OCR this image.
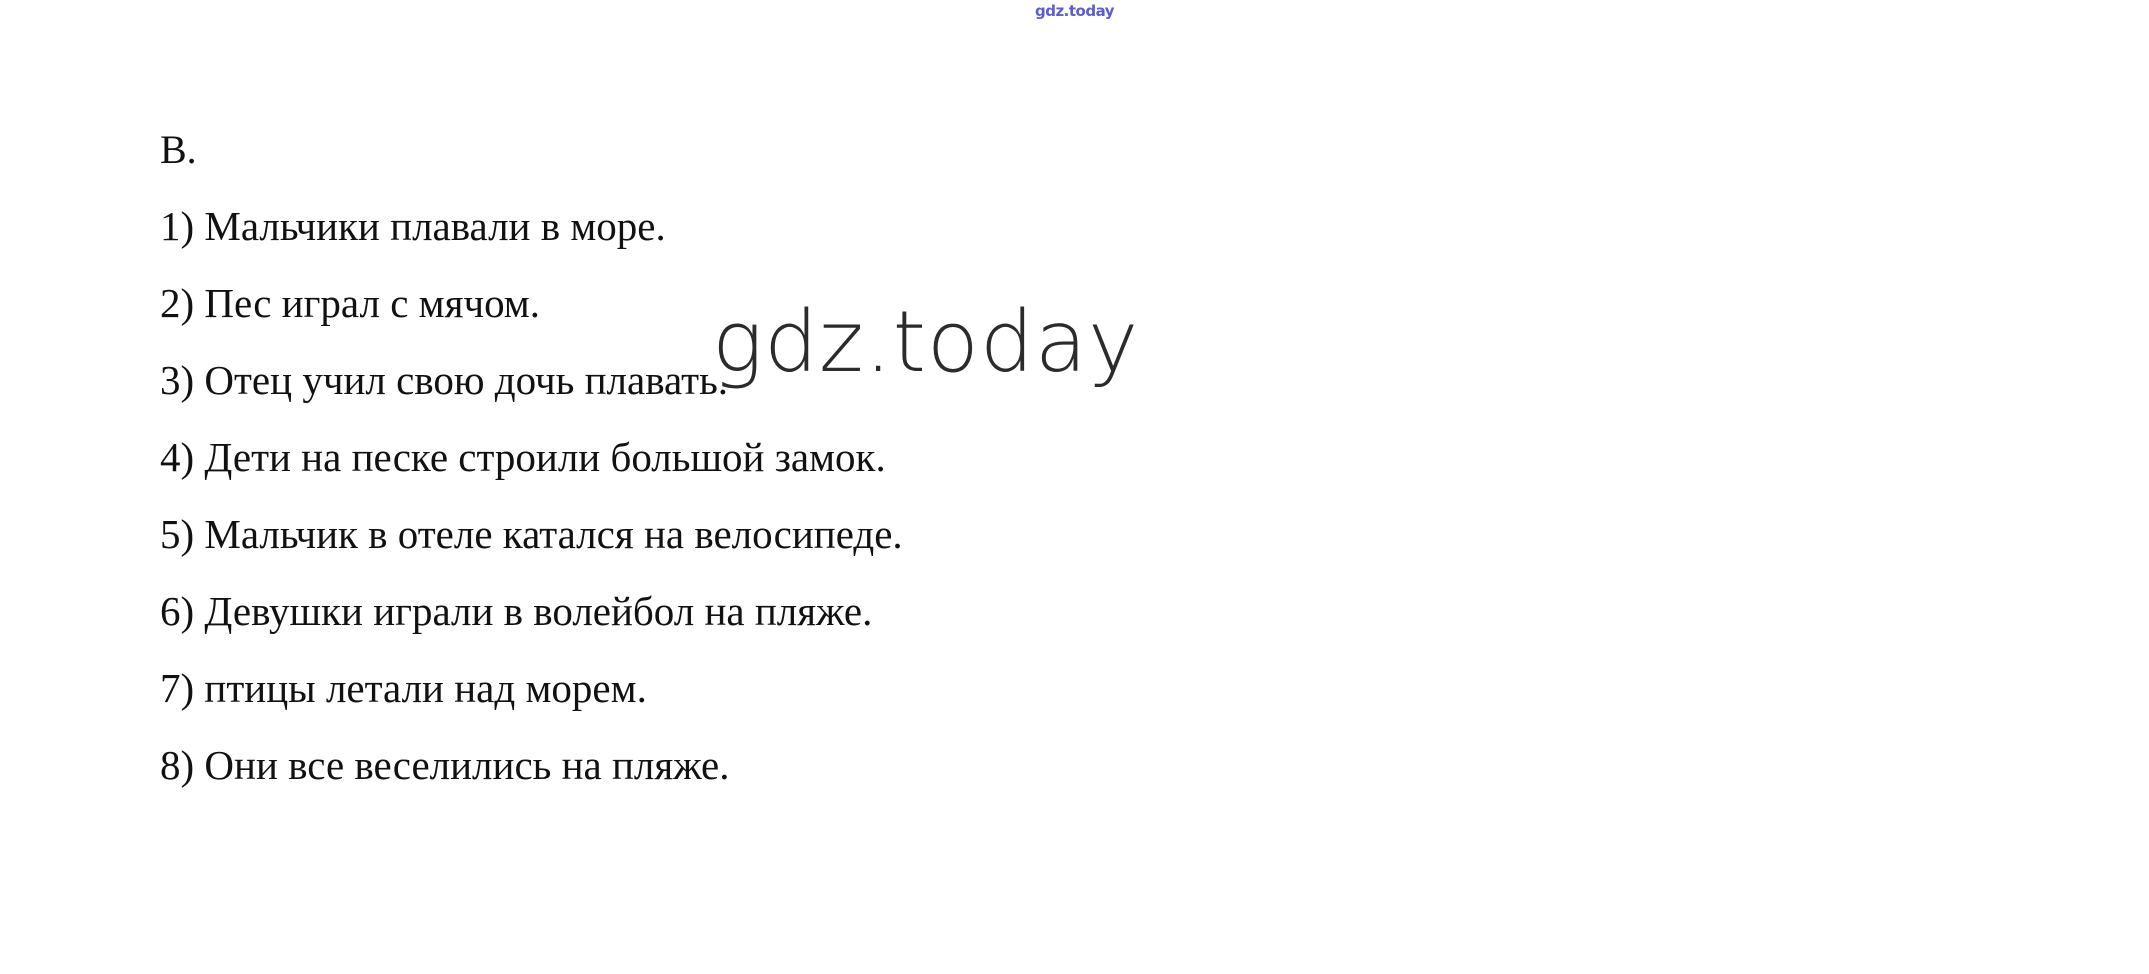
gdz.today
B.
1) Мальчики плавали в море.
2) Пес играл с мячом.
3) Отец учил свою дочь плавать.
4) Дети на песке строили большой замок.
5) Мальчик в отеле катался на велосипеде.
6) Девушки играли в волейбол на пляже.
7) птицы летали над морем.
8) Они все веселились на пляже.
gdz.today
